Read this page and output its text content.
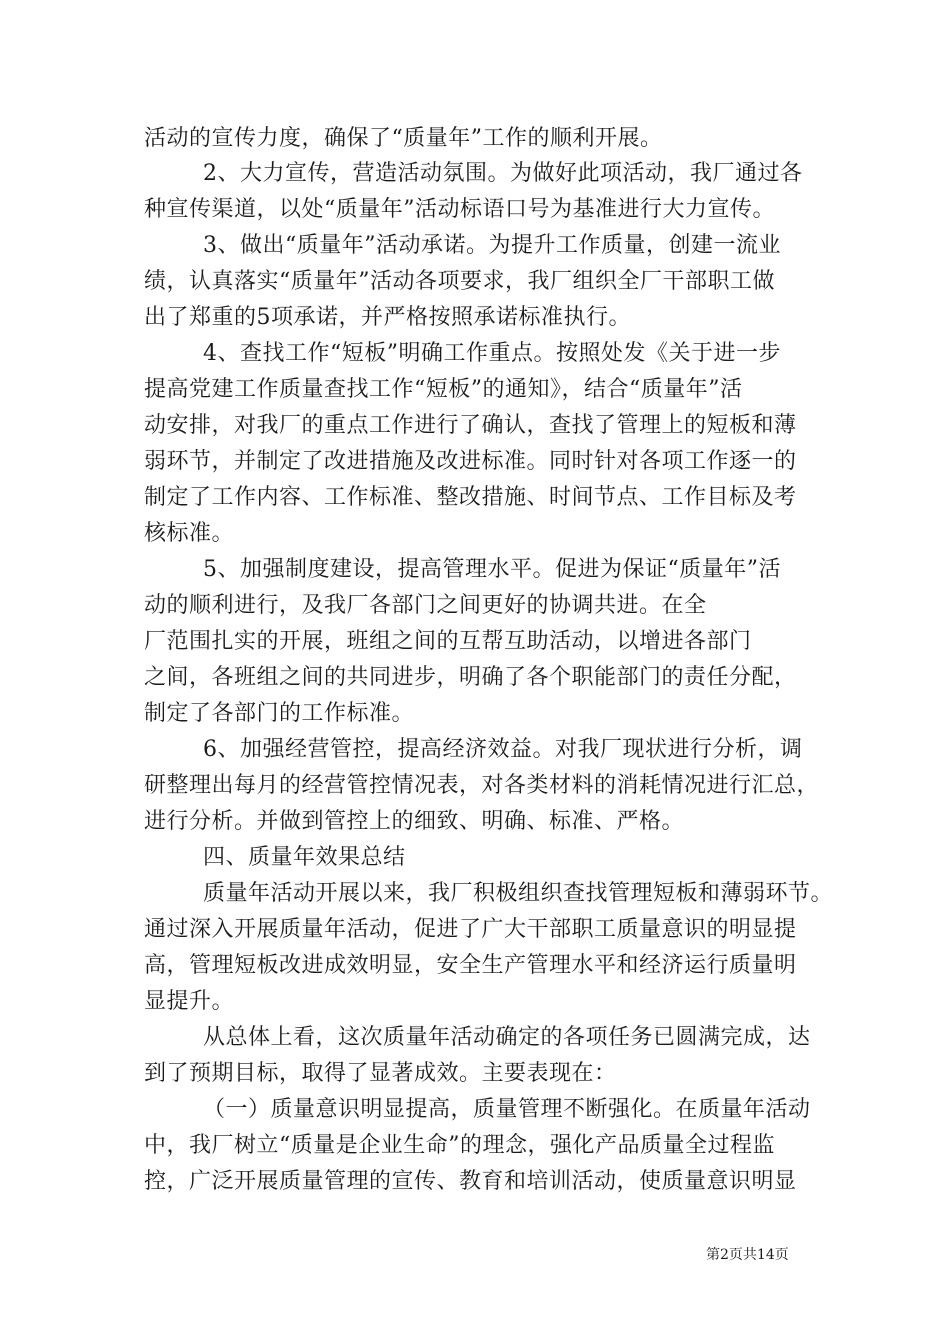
活动的宣传力度，确保了“质量年”工作的顺利开展。
2、大力宣传，营造活动氛围。为做好此项活动，我厂通过各
种宣传渠道，以处“质量年”活动标语口号为基准进行大力宣传。
3、做出“质量年”活动承诺。为提升工作质量，创建一流业
绩，认真落实“质量年”活动各项要求，我厂组织全厂干部职工做
出了郑重的5项承诺，并严格按照承诺标准执行。
4、查找工作“短板”明确工作重点。按照处发《关于进一步
提高党建工作质量查找工作“短板”的通知》，结合“质量年”活
动安排，对我厂的重点工作进行了确认，查找了管理上的短板和薄
弱环节，并制定了改进措施及改进标准。同时针对各项工作逐一的
制定了工作内容、工作标准、整改措施、时间节点、工作目标及考
核标准。
5、加强制度建设，提高管理水平。促进为保证“质量年”活
动的顺利进行，及我厂各部门之间更好的协调共进。在全
厂范围扎实的开展，班组之间的互帮互助活动，以增进各部门
之间，各班组之间的共同进步，明确了各个职能部门的责任分配，
制定了各部门的工作标准。
6、加强经营管控，提高经济效益。对我厂现状进行分析，调
研整理出每月的经营管控情况表，对各类材料的消耗情况进行汇总，
进行分析。并做到管控上的细致、明确、标准、严格。
四、质量年效果总结
质量年活动开展以来，我厂积极组织查找管理短板和薄弱环节。
通过深入开展质量年活动，促进了广大干部职工质量意识的明显提
高，管理短板改进成效明显，安全生产管理水平和经济运行质量明
显提升。
从总体上看，这次质量年活动确定的各项任务已圆满完成，达
到了预期目标，取得了显著成效。主要表现在：
（一）质量意识明显提高，质量管理不断强化。在质量年活动
中，我厂树立“质量是企业生命”的理念，强化产品质量全过程监
控，广泛开展质量管理的宣传、教育和培训活动，使质量意识明显
第2页共14页
